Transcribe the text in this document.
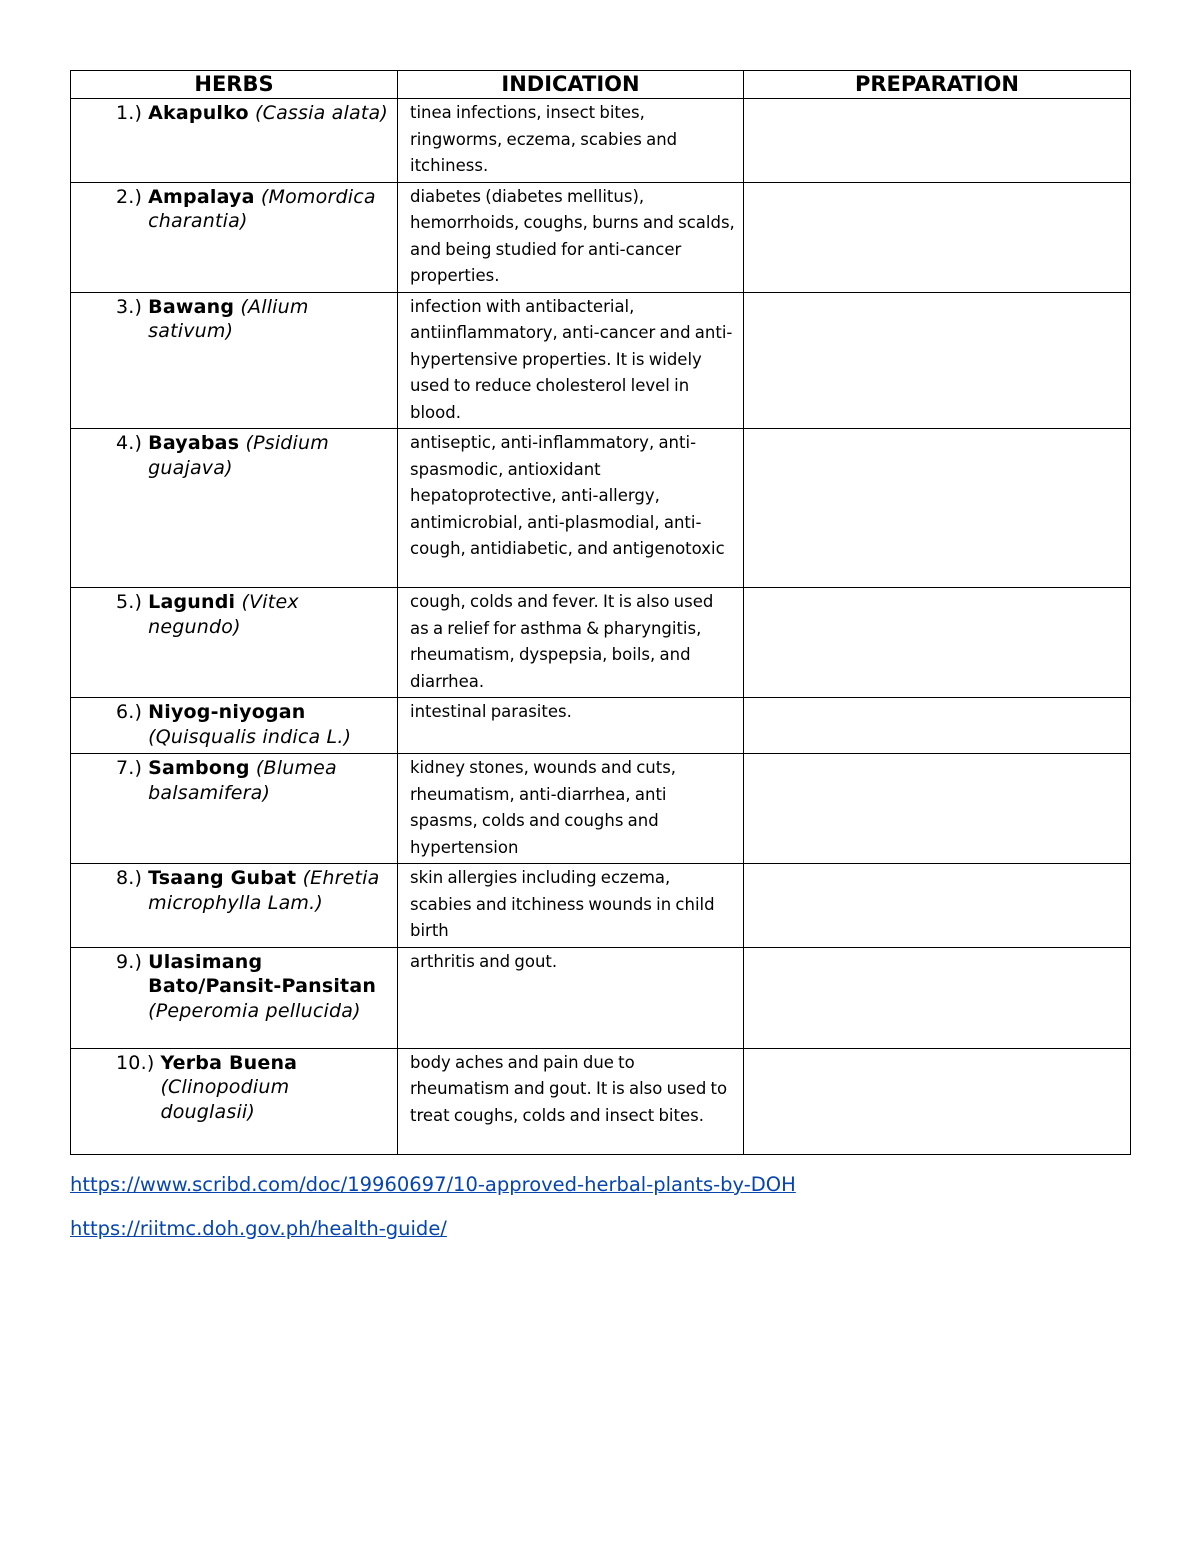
HERBS	INDICATION	PREPARATION

1.) Akapulko (Cassia alata)	tinea infections, insect bites, ringworms, eczema, scabies and itchiness.	

2.) Ampalaya (Momordica charantia)	diabetes (diabetes mellitus), hemorrhoids, coughs, burns and scalds, and being studied for anti-cancer properties.	

3.) Bawang (Allium sativum)	infection with antibacterial, antiinflammatory, anti-cancer and anti-hypertensive properties. It is widely used to reduce cholesterol level in blood.	

4.) Bayabas (Psidium guajava)	antiseptic, anti-inflammatory, anti-spasmodic, antioxidant hepatoprotective, anti-allergy, antimicrobial, anti-plasmodial, anti-cough, antidiabetic, and antigenotoxic	

5.) Lagundi (Vitex negundo)	cough, colds and fever. It is also used as a relief for asthma & pharyngitis, rheumatism, dyspepsia, boils, and diarrhea.	

6.) Niyog-niyogan (Quisqualis indica L.)	intestinal parasites.	

7.) Sambong (Blumea balsamifera)	kidney stones, wounds and cuts, rheumatism, anti-diarrhea, anti spasms, colds and coughs and hypertension	

8.) Tsaang Gubat (Ehretia microphylla Lam.)	skin allergies including eczema, scabies and itchiness wounds in child birth	

9.) Ulasimang Bato/Pansit-Pansitan (Peperomia pellucida)	arthritis and gout.	

10.) Yerba Buena (Clinopodium douglasii)	body aches and pain due to rheumatism and gout. It is also used to treat coughs, colds and insect bites.	
https://www.scribd.com/doc/19960697/10-approved-herbal-plants-by-DOH
https://riitmc.doh.gov.ph/health-guide/
